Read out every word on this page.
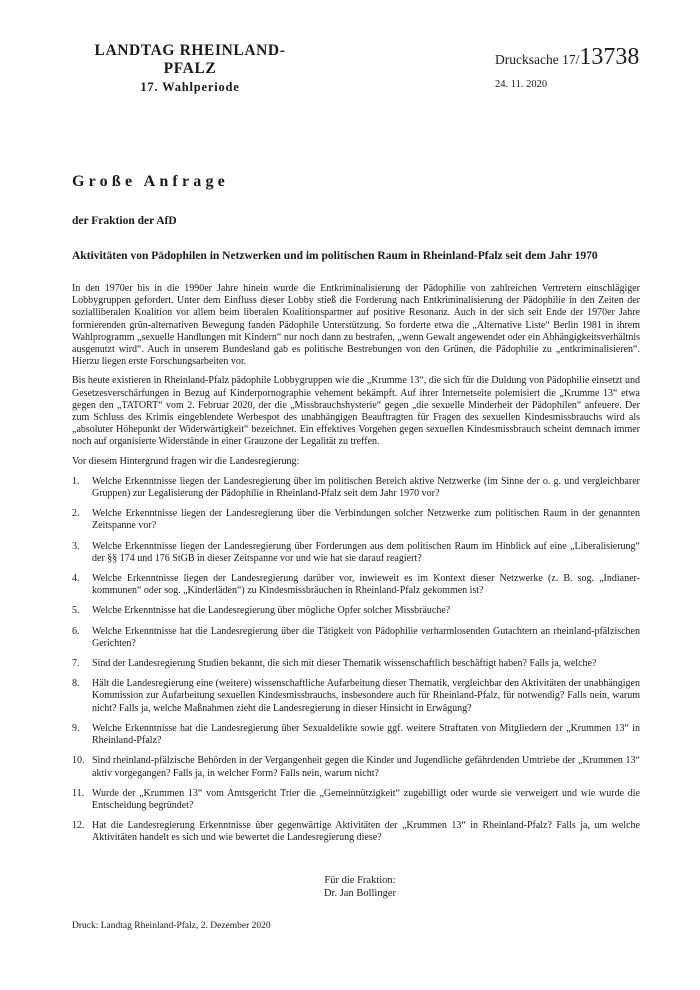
LANDTAG RHEINLAND-PFALZ
17. Wahlperiode
Drucksache 17/13738
24. 11. 2020
Große Anfrage
der Fraktion der AfD
Aktivitäten von Pädophilen in Netzwerken und im politischen Raum in Rheinland-Pfalz seit dem Jahr 1970

In den 1970er bis in die 1990er Jahre hinein wurde die Entkriminalisierung der Pädophilie von zahlreichen Vertretern einschlägiger Lobbygruppen gefordert. Unter dem Einfluss dieser Lobby stieß die Forderung nach Entkriminalisierung der Pädophilie in den Zeiten der sozialliberalen Koalition vor allem beim liberalen Koalitionspartner auf positive Resonanz. Auch in der sich seit Ende der 1970er Jahre formierenden grün-alternativen Bewegung fanden Pädophile Unterstützung. So forderte etwa die „Alternative Liste“ Berlin 1981 in ihrem Wahlprogramm „sexuelle Handlungen mit Kindern“ nur noch dann zu bestrafen, „wenn Gewalt angewendet oder ein Abhängigkeitsverhältnis ausgenutzt wird“. Auch in unserem Bundesland gab es politische Bestrebungen von den Grünen, die Pädophilie zu „entkriminalisieren“. Hierzu liegen erste Forschungsarbeiten vor.

Bis heute existieren in Rheinland-Pfalz pädophile Lobbygruppen wie die „Krumme 13“, die sich für die Duldung von Pädophilie einsetzt und Gesetzesverschärfungen in Bezug auf Kinderpornographie vehement bekämpft. Auf ihrer Internetseite polemisiert die „Krumme 13“ etwa gegen den „TATORT“ vom 2. Februar 2020, der die „Missbrauchshysterie“ gegen „die sexuelle Minderheit der Pädophilen“ anfeuere. Der zum Schluss des Krimis eingeblendete Werbespot des unabhängigen Beauftragten für Fragen des sexuellen Kindesmissbrauchs wird als „absoluter Höhepunkt der Widerwärtigkeit“ bezeichnet. Ein effektives Vorgehen gegen sexuellen Kindesmissbrauch scheint demnach immer noch auf organisierte Widerstände in einer Grauzone der Legalität zu treffen.

Vor diesem Hintergrund fragen wir die Landesregierung:
1.	Welche Erkenntnisse liegen der Landesregierung über im politischen Bereich aktive Netzwerke (im Sinne der o. g. und vergleichbarer Gruppen) zur Legalisierung der Pädophilie in Rheinland-Pfalz seit dem Jahr 1970 vor?
2.	Welche Erkenntnisse liegen der Landesregierung über die Verbindungen solcher Netzwerke zum politischen Raum in der genannten Zeitspanne vor?
3.	Welche Erkenntnisse liegen der Landesregierung über Forderungen aus dem politischen Raum im Hinblick auf eine „Liberalisierung“ der §§ 174 und 176 StGB in dieser Zeitspanne vor und wie hat sie darauf reagiert?
4.	Welche Erkenntnisse liegen der Landesregierung darüber vor, inwieweit es im Kontext dieser Netzwerke (z. B. sog. „Indianer-kommunen“ oder sog. „Kinderläden“) zu Kindesmissbräuchen in Rheinland-Pfalz gekommen ist?
5.	Welche Erkenntnisse hat die Landesregierung über mögliche Opfer solcher Missbräuche?
6.	Welche Erkenntnisse hat die Landesregierung über die Tätigkeit von Pädophilie verharmlosenden Gutachtern an rheinland-pfälzischen Gerichten?
7.	Sind der Landesregierung Studien bekannt, die sich mit dieser Thematik wissenschaftlich beschäftigt haben? Falls ja, welche?
8.	Hält die Landesregierung eine (weitere) wissenschaftliche Aufarbeitung dieser Thematik, vergleichbar den Aktivitäten der unabhängigen Kommission zur Aufarbeitung sexuellen Kindesmissbrauchs, insbesondere auch für Rheinland-Pfalz, für notwendig? Falls nein, warum nicht? Falls ja, welche Maßnahmen zieht die Landesregierung in dieser Hinsicht in Erwägung?
9.	Welche Erkenntnisse hat die Landesregierung über Sexualdelikte sowie ggf. weitere Straftaten von Mitgliedern der „Krummen 13“ in Rheinland-Pfalz?
10. Sind rheinland-pfälzische Behörden in der Vergangenheit gegen die Kinder und Jugendliche gefährdenden Umtriebe der „Krummen 13“ aktiv vorgegangen? Falls ja, in welcher Form? Falls nein, warum nicht?
11. Wurde der „Krummen 13“ vom Amtsgericht Trier die „Gemeinnützigkeit“ zugebilligt oder wurde sie verweigert und wie wurde die Entscheidung begründet?
12. Hat die Landesregierung Erkenntnisse über gegenwärtige Aktivitäten der „Krummen 13“ in Rheinland-Pfalz? Falls ja, um welche Aktivitäten handelt es sich und wie bewertet die Landesregierung diese?
Für die Fraktion:
Dr. Jan Bollinger
Druck: Landtag Rheinland-Pfalz, 2. Dezember 2020
